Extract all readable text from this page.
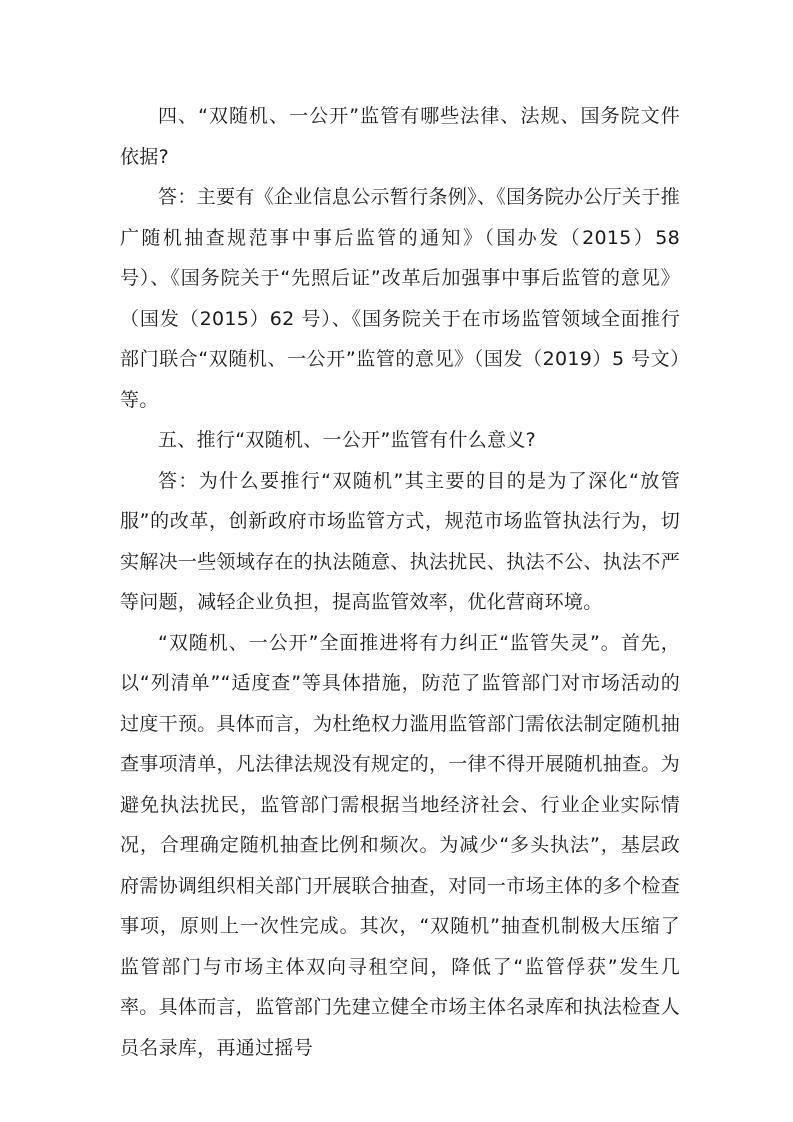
四、“双随机、一公开”监管有哪些法律、法规、国务院文件依据?

答：主要有《企业信息公示暂行条例》、《国务院办公厅关于推广随机抽查规范事中事后监管的通知》（国办发（2015）58 号）、《国务院关于“先照后证”改革后加强事中事后监管的意见》（国发（2015）62 号）、《国务院关于在市场监管领域全面推行部门联合“双随机、一公开”监管的意见》（国发（2019）5 号文）等。

五、推行“双随机、一公开”监管有什么意义?

答：为什么要推行“双随机”其主要的目的是为了深化“放管服”的改革，创新政府市场监管方式，规范市场监管执法行为，切实解决一些领域存在的执法随意、执法扰民、执法不公、执法不严等问题，减轻企业负担，提高监管效率，优化营商环境。

“双随机、一公开”全面推进将有力纠正“监管失灵”。首先，以“列清单”“适度查”等具体措施，防范了监管部门对市场活动的过度干预。具体而言，为杜绝权力滥用监管部门需依法制定随机抽查事项清单，凡法律法规没有规定的，一律不得开展随机抽查。为避免执法扰民，监管部门需根据当地经济社会、行业企业实际情况，合理确定随机抽查比例和频次。为减少“多头执法”，基层政府需协调组织相关部门开展联合抽查，对同一市场主体的多个检查事项，原则上一次性完成。其次，“双随机”抽查机制极大压缩了监管部门与市场主体双向寻租空间，降低了“监管俘获”发生几率。具体而言，监管部门先建立健全市场主体名录库和执法检查人员名录库，再通过摇号
